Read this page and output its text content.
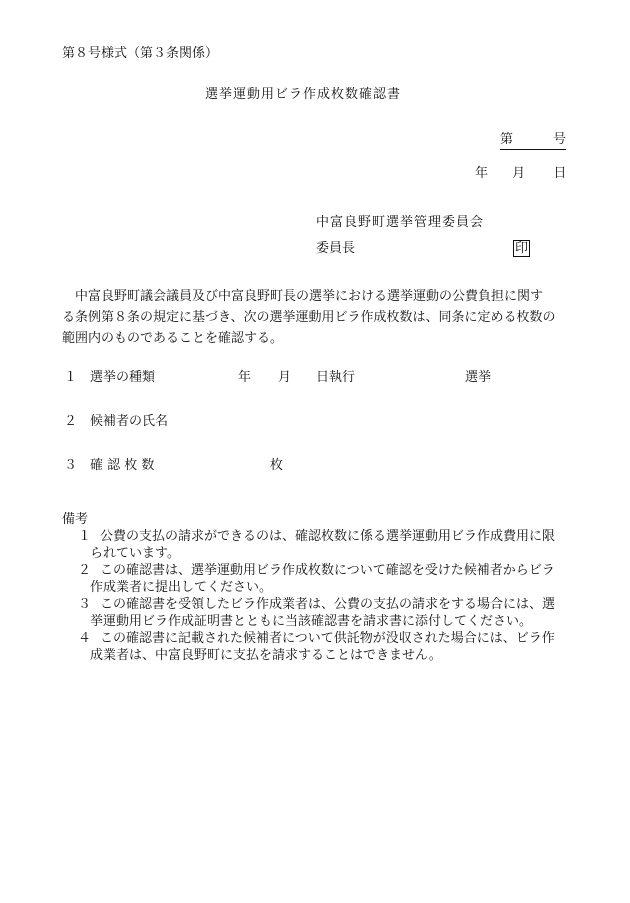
第８号様式（第３条関係）
選挙運動用ビラ作成枚数確認書
第	号
年 月 日
中富良野町選挙管理委員会
委員長	印

中富良野町議会議員及び中富良野町長の選挙における選挙運動の公費負担に関す

る条例第８条の規定に基づき、次の選挙運動用ビラ作成枚数は、同条に定める枚数の

範囲内のものであることを確認する。

１ 選挙の種類	年 月 日執行	選挙
２ 候補者の氏名
３ 確 認 枚 数	枚
備考
１ 公費の支払の請求ができるのは、確認枚数に係る選挙運動用ビラ作成費用に限
られています。
２ この確認書は、選挙運動用ビラ作成枚数について確認を受けた候補者からビラ
作成業者に提出してください。
３ この確認書を受領したビラ作成業者は、公費の支払の請求をする場合には、選
挙運動用ビラ作成証明書とともに当該確認書を請求書に添付してください。
４ この確認書に記載された候補者について供託物が没収された場合には、ビラ作
成業者は、中富良野町に支払を請求することはできません。
